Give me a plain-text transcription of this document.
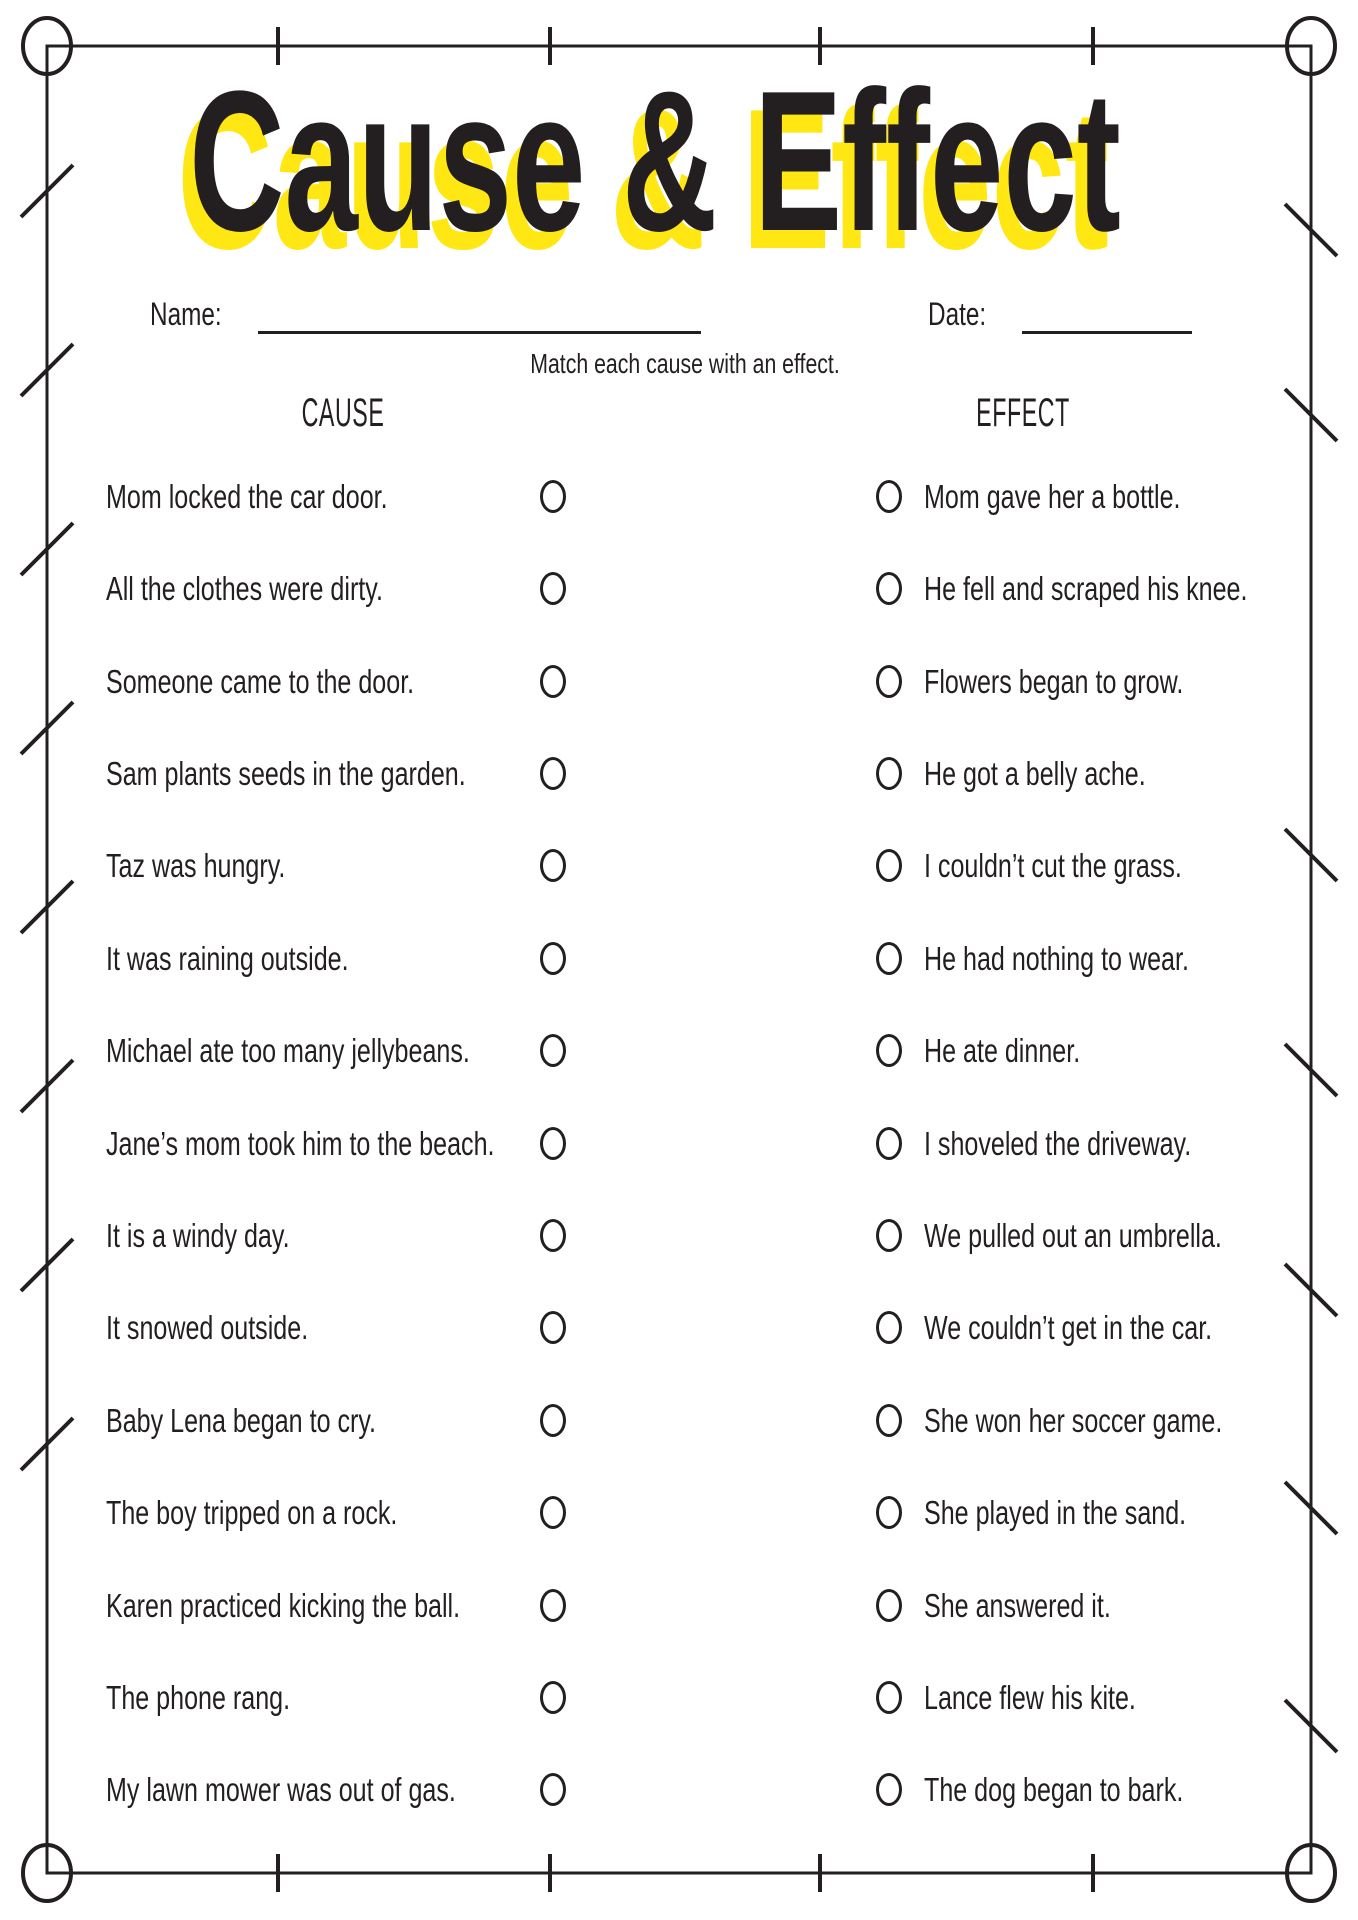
Cause & Effect
Name:	Date:
Match each cause with an effect.
CAUSE	EFFECT
Mom locked the car door.	Mom gave her a bottle.
All the clothes were dirty.	He fell and scraped his knee.
Someone came to the door.	Flowers began to grow.
Sam plants seeds in the garden.	He got a belly ache.
Taz was hungry.	I couldn’t cut the grass.
It was raining outside.	He had nothing to wear.
Michael ate too many jellybeans.	He ate dinner.
Jane’s mom took him to the beach.	I shoveled the driveway.
It is a windy day.	We pulled out an umbrella.
It snowed outside.	We couldn’t get in the car.
Baby Lena began to cry.	She won her soccer game.
The boy tripped on a rock.	She played in the sand.
Karen practiced kicking the ball.	She answered it.
The phone rang.	Lance flew his kite.
My lawn mower was out of gas.	The dog began to bark.
